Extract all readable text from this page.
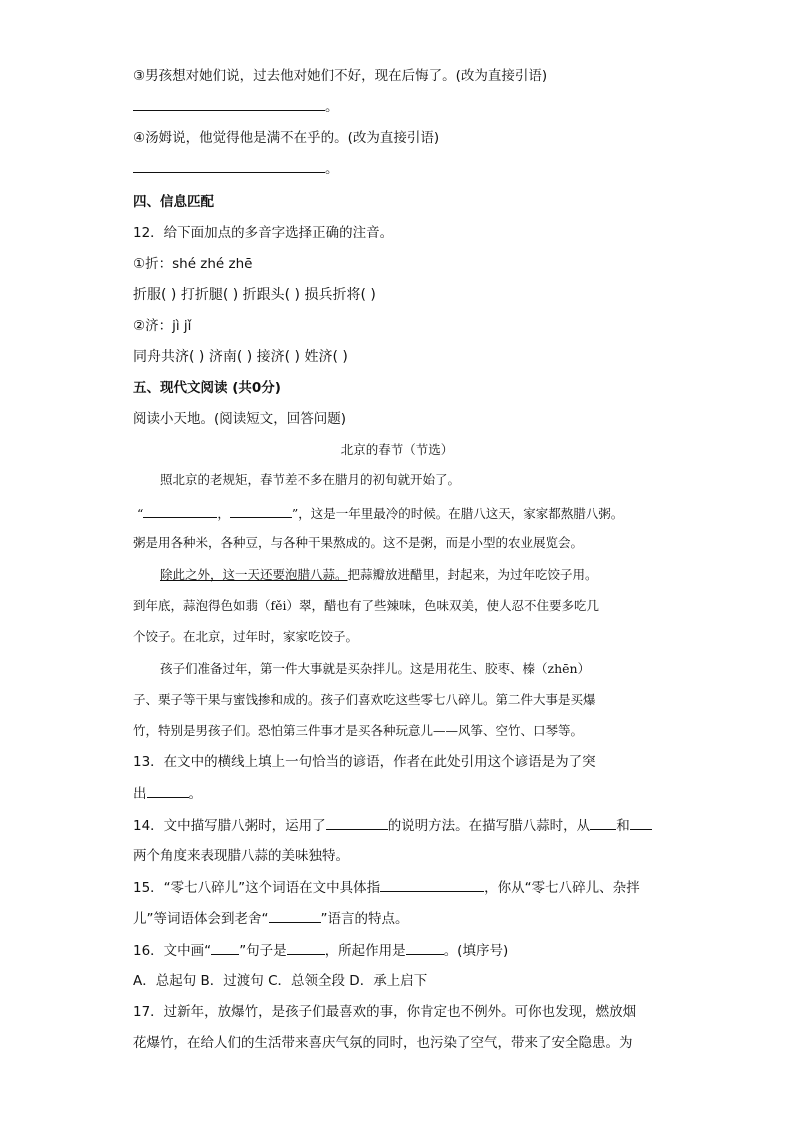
③男孩想对她们说，过去他对她们不好，现在后悔了。(改为直接引语)
。
④汤姆说，他觉得他是满不在乎的。(改为直接引语)
。
四、信息匹配
12．给下面加点的多音字选择正确的注音。
①折：shé zhé zhē
折服( ) 打折腿( ) 折跟头( ) 损兵折将( )
②济：jì jǐ
同舟共济( ) 济南( ) 接济( ) 姓济( )
五、现代文阅读 (共0分)
阅读小天地。(阅读短文，回答问题)
北京的春节（节选）
照北京的老规矩，春节差不多在腊月的初旬就开始了。
“	，	”，这是一年里最冷的时候。在腊八这天，家家都熬腊八粥。
粥是用各种米，各种豆，与各种干果熬成的。这不是粥，而是小型的农业展览会。
除此之外，这一天还要泡腊八蒜。把蒜瓣放进醋里，封起来，为过年吃饺子用。
到年底，蒜泡得色如翡（fěi）翠，醋也有了些辣味，色味双美，使人忍不住要多吃几
个饺子。在北京，过年时，家家吃饺子。
孩子们准备过年，第一件大事就是买杂拌儿。这是用花生、胶枣、榛（zhēn）
子、栗子等干果与蜜饯掺和成的。孩子们喜欢吃这些零七八碎儿。第二件大事是买爆
竹，特别是男孩子们。恐怕第三件事才是买各种玩意儿——风筝、空竹、口琴等。
13．在文中的横线上填上一句恰当的谚语，作者在此处引用这个谚语是为了突
出	。
14．文中描写腊八粥时，运用了	的说明方法。在描写腊八蒜时，从 和
两个角度来表现腊八蒜的美味独特。
15．“零七八碎儿”这个词语在文中具体指	，你从“零七八碎儿、杂拌
儿”等词语体会到老舍“	”语言的特点。
16．文中画“ ”句子是	，所起作用是	。(填序号)
A．总起句 B．过渡句 C．总领全段 D．承上启下
17．过新年，放爆竹，是孩子们最喜欢的事，你肯定也不例外。可你也发现，燃放烟
花爆竹，在给人们的生活带来喜庆气氛的同时，也污染了空气，带来了安全隐患。为
